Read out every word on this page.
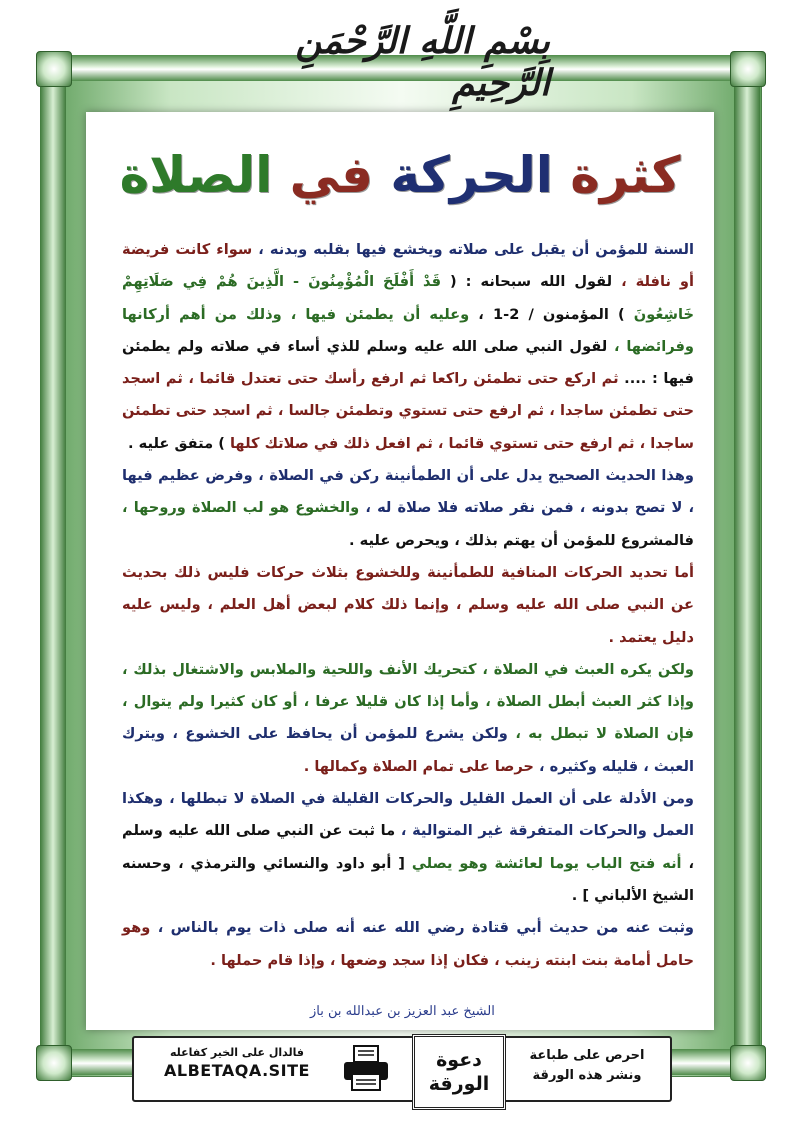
بِسْمِ اللَّهِ الرَّحْمَنِ الرَّحِيمِ
كثرة الحركة في الصلاة

السنة للمؤمن أن يقبل على صلاته ويخشع فيها بقلبه وبدنه ، سواء كانت فريضة أو نافلة ، لقول الله سبحانه : ( قَدْ أَفْلَحَ الْمُؤْمِنُونَ - الَّذِينَ هُمْ فِي صَلَاتِهِمْ خَاشِعُونَ ) المؤمنون / 2-1 ، وعليه أن يطمئن فيها ، وذلك من أهم أركانها وفرائضها ، لقول النبي صلى الله عليه وسلم للذي أساء في صلاته ولم يطمئن فيها : .... ثم اركع حتى تطمئن راكعا ثم ارفع رأسك حتى تعتدل قائما ، ثم اسجد حتى تطمئن ساجدا ، ثم ارفع حتى تستوي وتطمئن جالسا ، ثم اسجد حتى تطمئن ساجدا ، ثم ارفع حتى تستوي قائما ، ثم افعل ذلك في صلاتك كلها ) متفق عليه .

وهذا الحديث الصحيح يدل على أن الطمأنينة ركن في الصلاة ، وفرض عظيم فيها ، لا تصح بدونه ، فمن نقر صلاته فلا صلاة له ، والخشوع هو لب الصلاة وروحها ، فالمشروع للمؤمن أن يهتم بذلك ، ويحرص عليه .

أما تحديد الحركات المنافية للطمأنينة وللخشوع بثلاث حركات فليس ذلك بحديث عن النبي صلى الله عليه وسلم ، وإنما ذلك كلام لبعض أهل العلم ، وليس عليه دليل يعتمد .

ولكن يكره العبث في الصلاة ، كتحريك الأنف واللحية والملابس والاشتغال بذلك ، وإذا كثر العبث أبطل الصلاة ، وأما إذا كان قليلا عرفا ، أو كان كثيرا ولم يتوال ، فإن الصلاة لا تبطل به ، ولكن يشرع للمؤمن أن يحافظ على الخشوع ، ويترك العبث ، قليله وكثيره ، حرصا على تمام الصلاة وكمالها .

ومن الأدلة على أن العمل القليل والحركات القليلة في الصلاة لا تبطلها ، وهكذا العمل والحركات المتفرقة غير المتوالية ، ما ثبت عن النبي صلى الله عليه وسلم ، أنه فتح الباب يوما لعائشة وهو يصلي [ أبو داود والنسائي والترمذي ، وحسنه الشيخ الألباني ] .

وثبت عنه من حديث أبي قتادة رضي الله عنه أنه صلى ذات يوم بالناس ، وهو حامل أمامة بنت ابنته زينب ، فكان إذا سجد وضعها ، وإذا قام حملها .

الشيخ عبد العزيز بن عبدالله بن باز
فالدال على الخير كفاعله
ALBETAQA.SITE	دعوة
الورقة
احرص على طباعة
ونشر هذه الورقة
